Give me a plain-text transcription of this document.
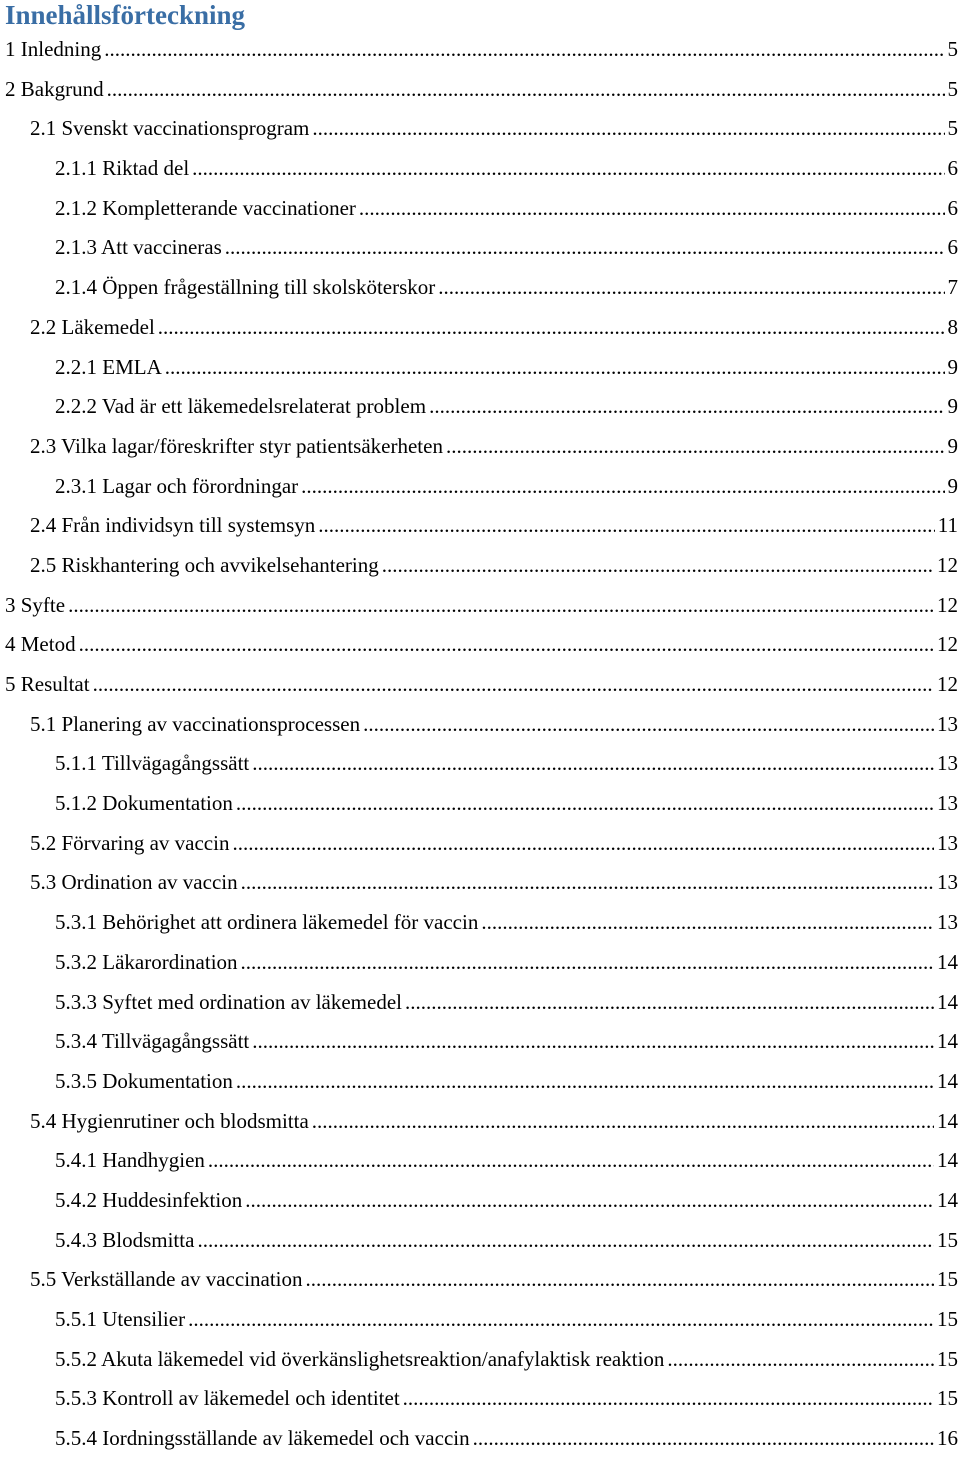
Innehållsförteckning
1 Inledning .....	5
2 Bakgrund .....	5
2.1 Svenskt vaccinationsprogram .....	5
2.1.1 Riktad del .....	6
2.1.2 Kompletterande vaccinationer .....	6
2.1.3 Att vaccineras .....	6
2.1.4 Öppen frågeställning till skolsköterskor .....	7
2.2 Läkemedel .....	8
2.2.1 EMLA .....	9
2.2.2 Vad är ett läkemedelsrelaterat problem .....	9
2.3 Vilka lagar/föreskrifter styr patientsäkerheten .....	9
2.3.1 Lagar och förordningar .....	9
2.4 Från individsyn till systemsyn .....	11
2.5 Riskhantering och avvikelsehantering .....	12
3 Syfte .....	12
4 Metod .....	12
5 Resultat .....	12
5.1 Planering av vaccinationsprocessen .....	13
5.1.1 Tillvägagångssätt .....	13
5.1.2 Dokumentation .....	13
5.2 Förvaring av vaccin .....	13
5.3 Ordination av vaccin .....	13
5.3.1 Behörighet att ordinera läkemedel för vaccin .....	13
5.3.2 Läkarordination .....	14
5.3.3 Syftet med ordination av läkemedel .....	14
5.3.4 Tillvägagångssätt .....	14
5.3.5 Dokumentation .....	14
5.4 Hygienrutiner och blodsmitta .....	14
5.4.1 Handhygien .....	14
5.4.2 Huddesinfektion .....	14
5.4.3 Blodsmitta .....	15
5.5 Verkställande av vaccination .....	15
5.5.1 Utensilier .....	15
5.5.2 Akuta läkemedel vid överkänslighetsreaktion/anafylaktisk reaktion .....	15
5.5.3 Kontroll av läkemedel och identitet .....	15
5.5.4 Iordningsställande av läkemedel och vaccin .....	16
